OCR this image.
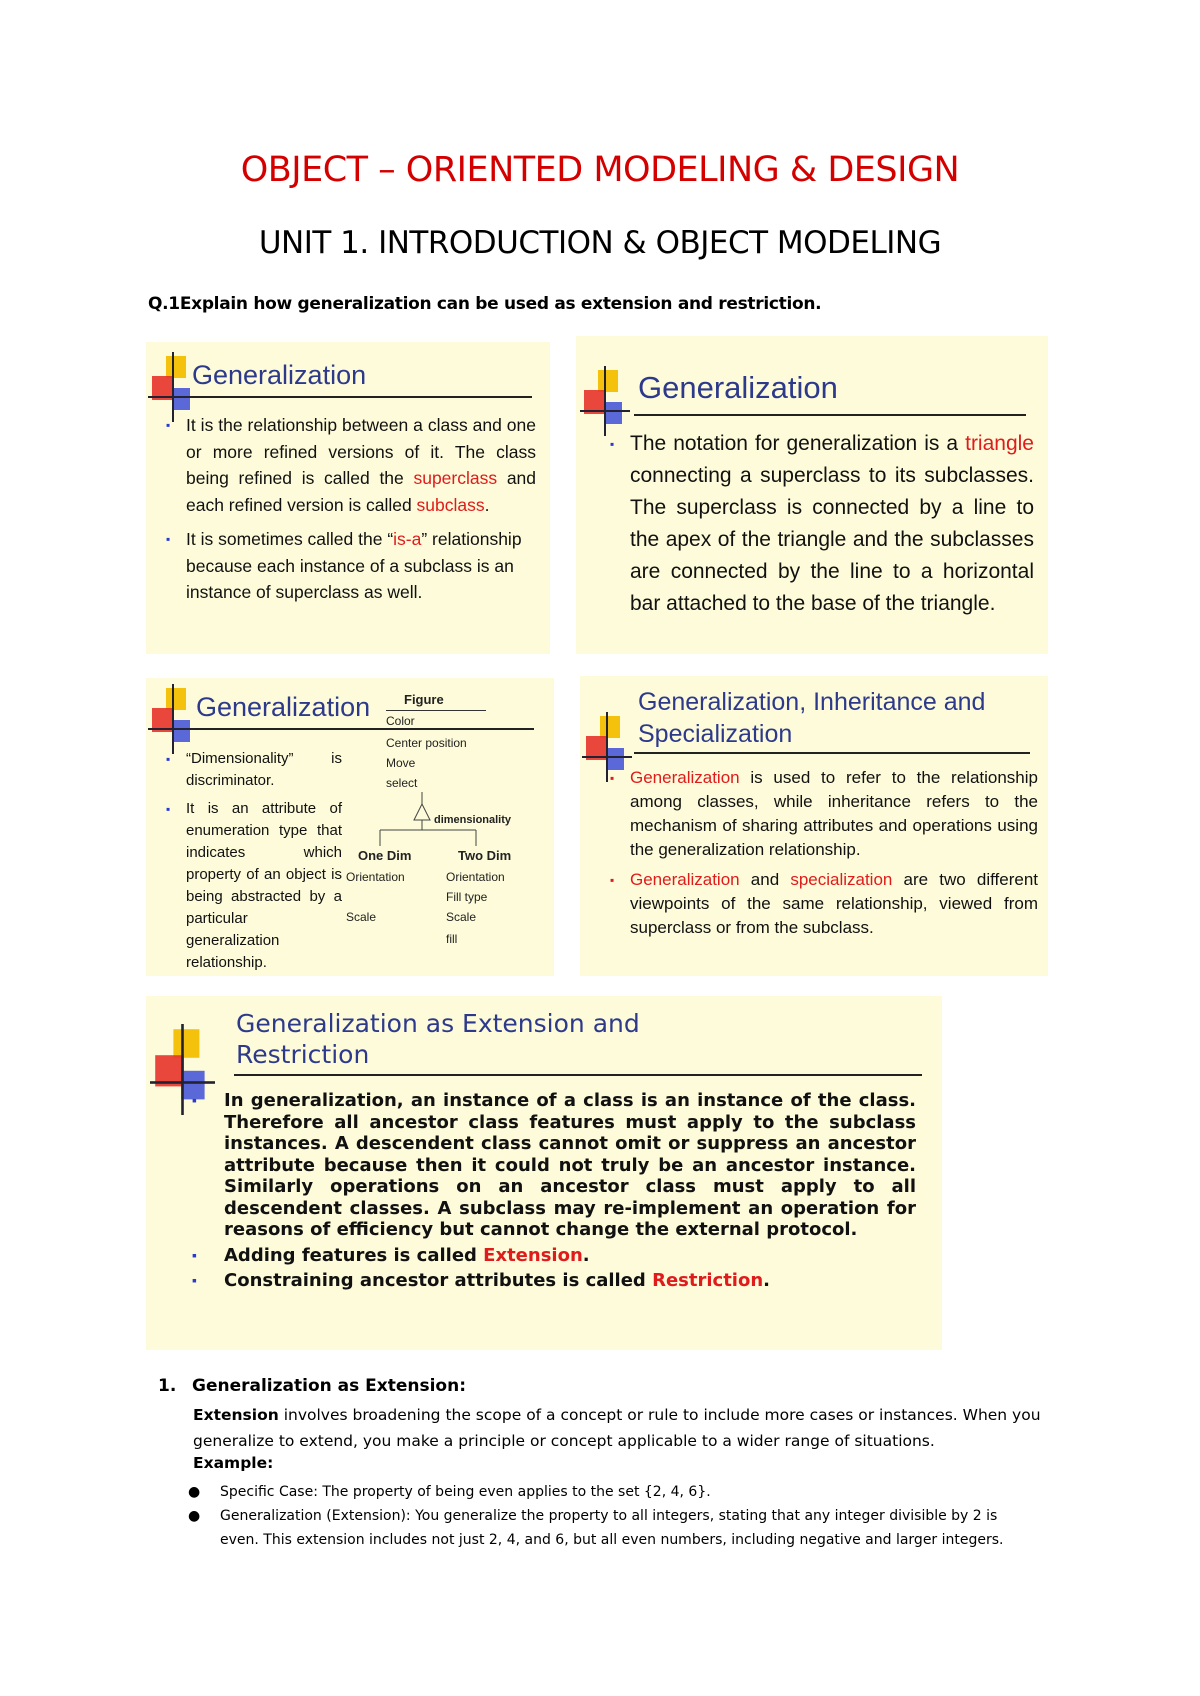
OBJECT – ORIENTED MODELING & DESIGN
UNIT 1. INTRODUCTION & OBJECT MODELING
Q.1Explain how generalization can be used as extension and restriction.
Generalization
▪ It is the relationship between a class and one or more refined versions of it. The class being refined is called the superclass and each refined version is called subclass.
▪ It is sometimes called the “is-a” relationship because each instance of a subclass is an instance of superclass as well.
Generalization
▪ The notation for generalization is a triangle connecting a superclass to its subclasses. The superclass is connected by a line to the apex of the triangle and the subclasses are connected by the line to a horizontal bar attached to the base of the triangle.
Generalization
▪ “Dimensionality” is discriminator.
▪ It is an attribute of enumeration type that indicates which property of an object is being abstracted by a particular generalization relationship.
Figure
Color
Center position
Move
select
dimensionality
One Dim
Orientation
Scale
Two Dim
Orientation
Fill type
Scale
fill
Generalization, Inheritance and
Specialization
▪ Generalization is used to refer to the relationship among classes, while inheritance refers to the mechanism of sharing attributes and operations using the generalization relationship.
▪ Generalization and specialization are two different viewpoints of the same relationship, viewed from superclass or from the subclass.
Generalization as Extension and
Restriction
▪ In generalization, an instance of a class is an instance of the class. Therefore all ancestor class features must apply to the subclass instances. A descendent class cannot omit or suppress an ancestor attribute because then it could not truly be an ancestor instance. Similarly operations on an ancestor class must apply to all descendent classes. A subclass may re-implement an operation for reasons of efficiency but cannot change the external protocol.
▪ Adding features is called Extension.
▪ Constraining ancestor attributes is called Restriction.
1. Generalization as Extension:
Extension involves broadening the scope of a concept or rule to include more cases or instances. When you generalize to extend, you make a principle or concept applicable to a wider range of situations.
Example:
● Specific Case: The property of being even applies to the set {2, 4, 6}.
● Generalization (Extension): You generalize the property to all integers, stating that any integer divisible by 2 is even. This extension includes not just 2, 4, and 6, but all even numbers, including negative and larger integers.
